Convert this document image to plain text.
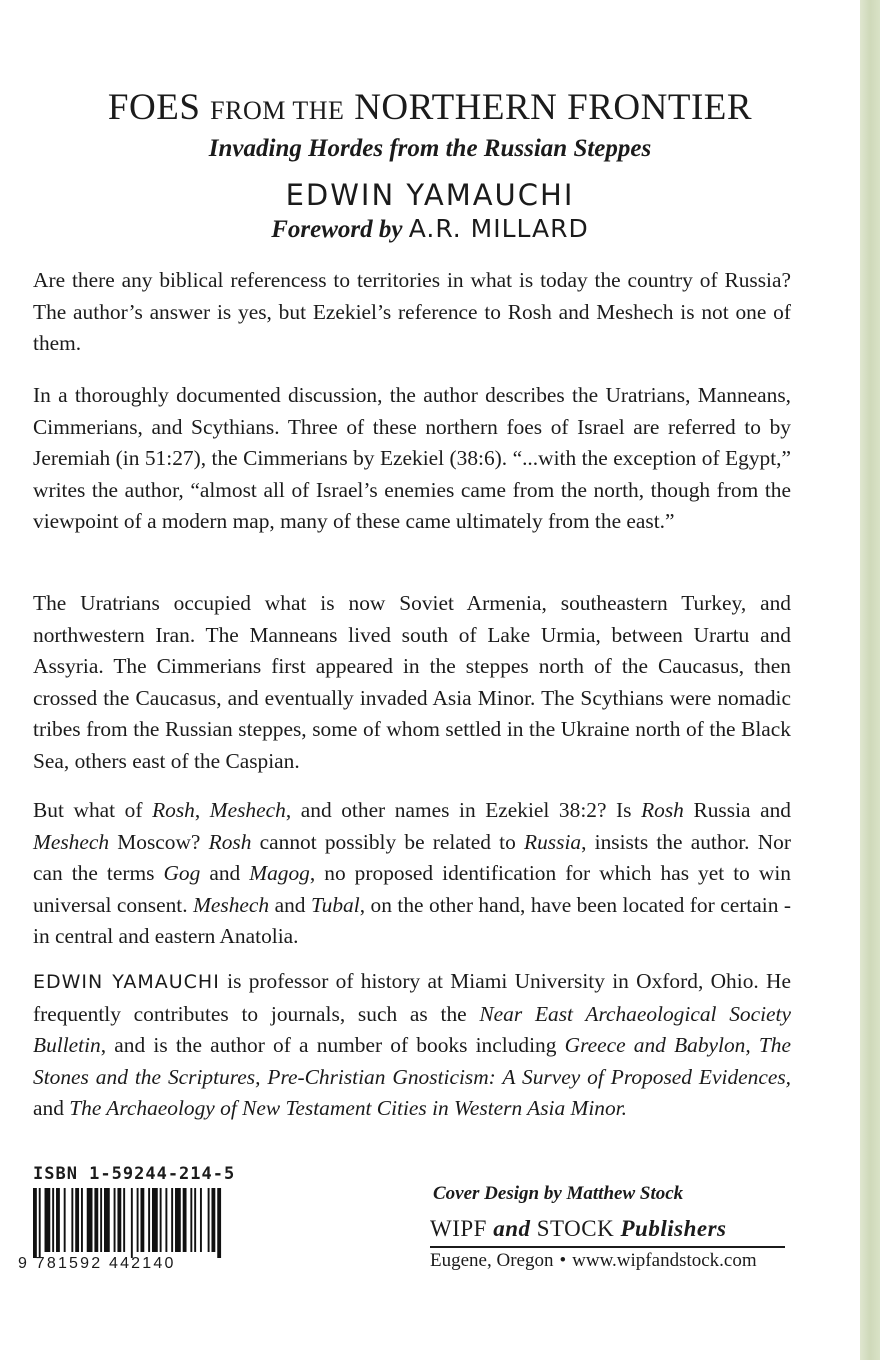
FOES FROM THE NORTHERN FRONTIER
Invading Hordes from the Russian Steppes
EDWIN YAMAUCHI
Foreword by A.R. MILLARD

Are there any biblical referencess to territories in what is today the country of Russia? The author’s answer is yes, but Ezekiel’s reference to Rosh and Meshech is not one of them.

In a thoroughly documented discussion, the author describes the Uratrians, Manneans, Cimmerians, and Scythians. Three of these northern foes of Israel are referred to by Jeremiah (in 51:27), the Cimmerians by Ezekiel (38:6). “...with the exception of Egypt,” writes the author, “almost all of Israel’s enemies came from the north, though from the viewpoint of a modern map, many of these came ultimately from the east.”

The Uratrians occupied what is now Soviet Armenia, southeastern Turkey, and northwestern Iran. The Manneans lived south of Lake Urmia, between Urartu and Assyria. The Cimmerians first appeared in the steppes north of the Caucasus, then crossed the Caucasus, and eventually invaded Asia Minor. The Scythians were nomadic tribes from the Russian steppes, some of whom settled in the Ukraine north of the Black Sea, others east of the Caspian.

But what of Rosh, Meshech, and other names in Ezekiel 38:2? Is Rosh Russia and Meshech Moscow? Rosh cannot possibly be related to Russia, insists the author. Nor can the terms Gog and Magog, no proposed identification for which has yet to win universal consent. Meshech and Tubal, on the other hand, have been located for certain - in central and eastern Anatolia.

EDWIN YAMAUCHI is professor of history at Miami University in Oxford, Ohio. He frequently contributes to journals, such as the Near East Archaeological Society Bulletin, and is the author of a number of books including Greece and Babylon, The Stones and the Scriptures, Pre-Christian Gnosticism: A Survey of Proposed Evidences, and The Archaeology of New Testament Cities in Western Asia Minor.

ISBN 1-59244-214-5
9 781592 442140
Cover Design by Matthew Stock
WIPF and STOCK Publishers
Eugene, Oregon • www.wipfandstock.com
